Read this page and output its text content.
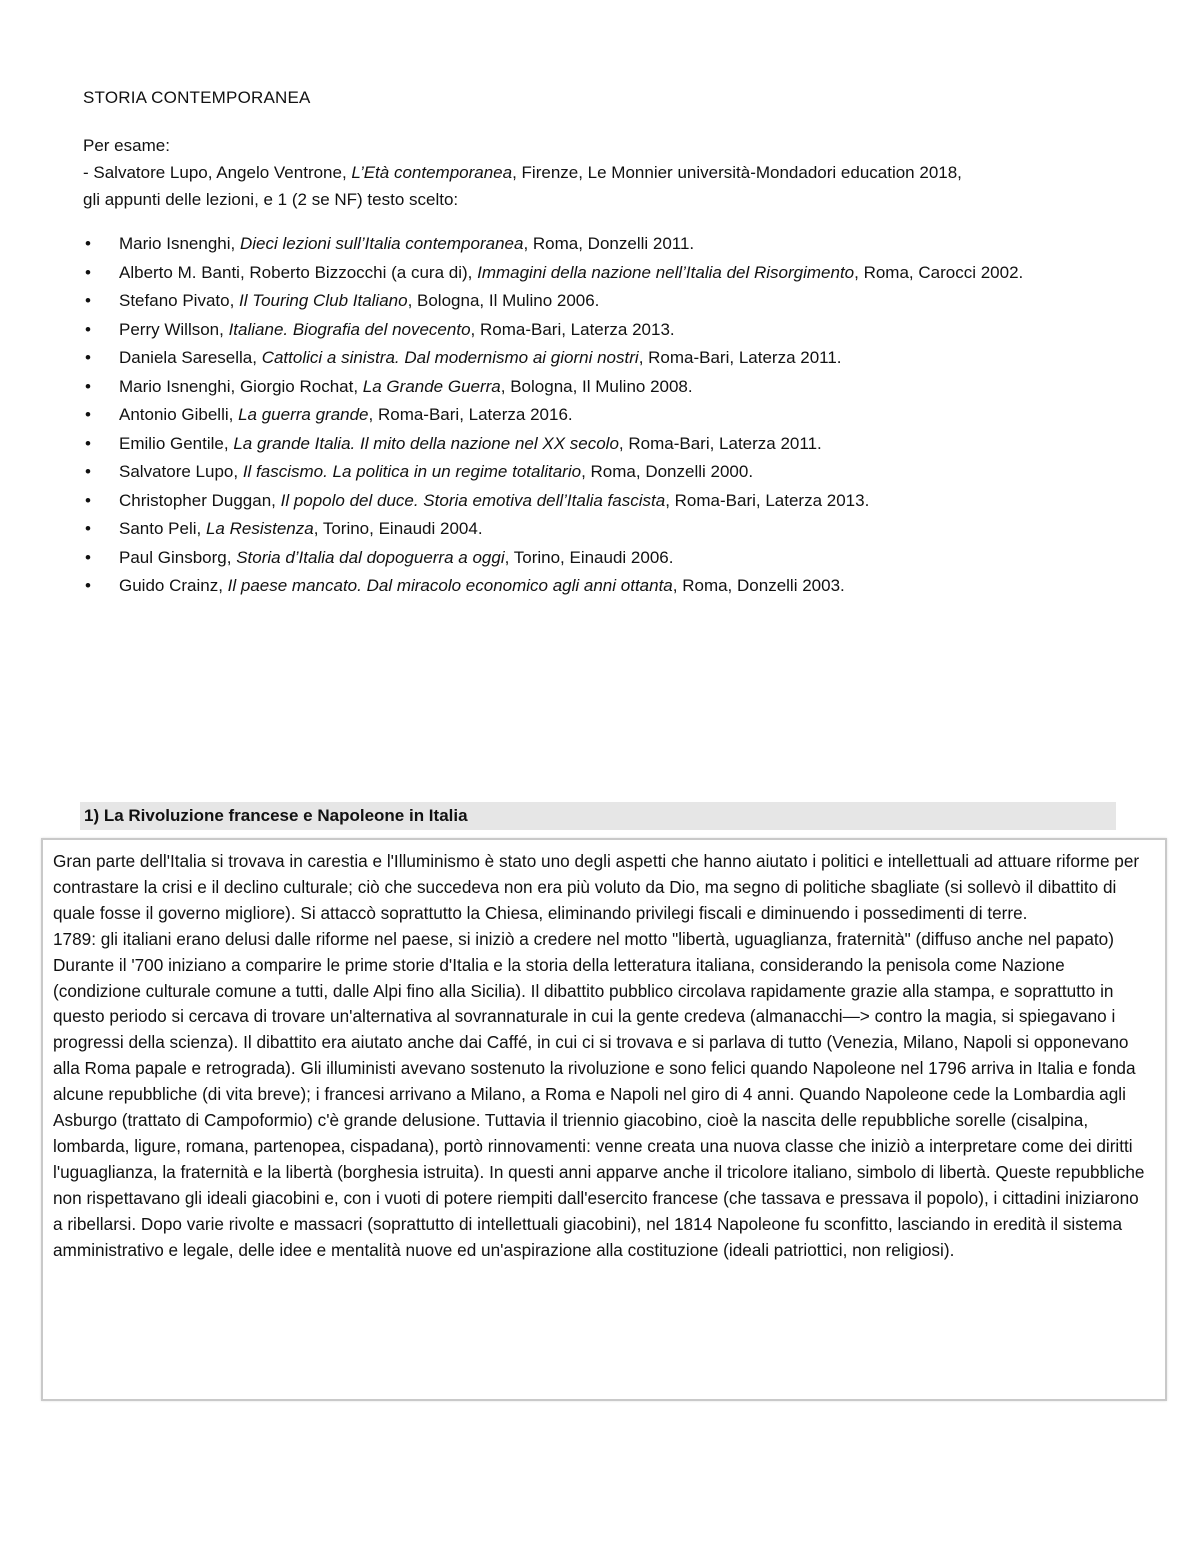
STORIA CONTEMPORANEA
Per esame:
- Salvatore Lupo, Angelo Ventrone, L’Età contemporanea, Firenze, Le Monnier università-Mondadori education 2018,
gli appunti delle lezioni, e 1 (2 se NF) testo scelto:
• Mario Isnenghi, Dieci lezioni sull’Italia contemporanea, Roma, Donzelli 2011.
• Alberto M. Banti, Roberto Bizzocchi (a cura di), Immagini della nazione nell’Italia del Risorgimento, Roma, Carocci 2002.
• Stefano Pivato, Il Touring Club Italiano, Bologna, Il Mulino 2006.
• Perry Willson, Italiane. Biografia del novecento, Roma-Bari, Laterza 2013.
• Daniela Saresella, Cattolici a sinistra. Dal modernismo ai giorni nostri, Roma-Bari, Laterza 2011.
• Mario Isnenghi, Giorgio Rochat, La Grande Guerra, Bologna, Il Mulino 2008.
• Antonio Gibelli, La guerra grande, Roma-Bari, Laterza 2016.
• Emilio Gentile, La grande Italia. Il mito della nazione nel XX secolo, Roma-Bari, Laterza 2011.
• Salvatore Lupo, Il fascismo. La politica in un regime totalitario, Roma, Donzelli 2000.
• Christopher Duggan, Il popolo del duce. Storia emotiva dell’Italia fascista, Roma-Bari, Laterza 2013.
• Santo Peli, La Resistenza, Torino, Einaudi 2004.
• Paul Ginsborg, Storia d’Italia dal dopoguerra a oggi, Torino, Einaudi 2006.
• Guido Crainz, Il paese mancato. Dal miracolo economico agli anni ottanta, Roma, Donzelli 2003.
1) La Rivoluzione francese e Napoleone in Italia

Gran parte dell'Italia si trovava in carestia e l'Illuminismo è stato uno degli aspetti che hanno aiutato i politici e intellettuali ad attuare riforme per contrastare la crisi e il declino culturale; ciò che succedeva non era più voluto da Dio, ma segno di politiche sbagliate (si sollevò il dibattito di quale fosse il governo migliore). Si attaccò soprattutto la Chiesa, eliminando privilegi fiscali e diminuendo i possedimenti di terre.

1789: gli italiani erano delusi dalle riforme nel paese, si iniziò a credere nel motto "libertà, uguaglianza, fraternità" (diffuso anche nel papato)

Durante il '700 iniziano a comparire le prime storie d'Italia e la storia della letteratura italiana, considerando la penisola come Nazione (condizione culturale comune a tutti, dalle Alpi fino alla Sicilia). Il dibattito pubblico circolava rapidamente grazie alla stampa, e soprattutto in questo periodo si cercava di trovare un'alternativa al sovrannaturale in cui la gente credeva (almanacchi—> contro la magia, si spiegavano i progressi della scienza). Il dibattito era aiutato anche dai Caffé, in cui ci si trovava e si parlava di tutto (Venezia, Milano, Napoli si opponevano alla Roma papale e retrograda). Gli illuministi avevano sostenuto la rivoluzione e sono felici quando Napoleone nel 1796 arriva in Italia e fonda alcune repubbliche (di vita breve); i francesi arrivano a Milano, a Roma e Napoli nel giro di 4 anni. Quando Napoleone cede la Lombardia agli Asburgo (trattato di Campoformio) c'è grande delusione. Tuttavia il triennio giacobino, cioè la nascita delle repubbliche sorelle (cisalpina, lombarda, ligure, romana, partenopea, cispadana), portò rinnovamenti: venne creata una nuova classe che iniziò a interpretare come dei diritti l'uguaglianza, la fraternità e la libertà (borghesia istruita). In questi anni apparve anche il tricolore italiano, simbolo di libertà. Queste repubbliche non rispettavano gli ideali giacobini e, con i vuoti di potere riempiti dall'esercito francese (che tassava e pressava il popolo), i cittadini iniziarono a ribellarsi. Dopo varie rivolte e massacri (soprattutto di intellettuali giacobini), nel 1814 Napoleone fu sconfitto, lasciando in eredità il sistema amministrativo e legale, delle idee e mentalità nuove ed un'aspirazione alla costituzione (ideali patriottici, non religiosi).
